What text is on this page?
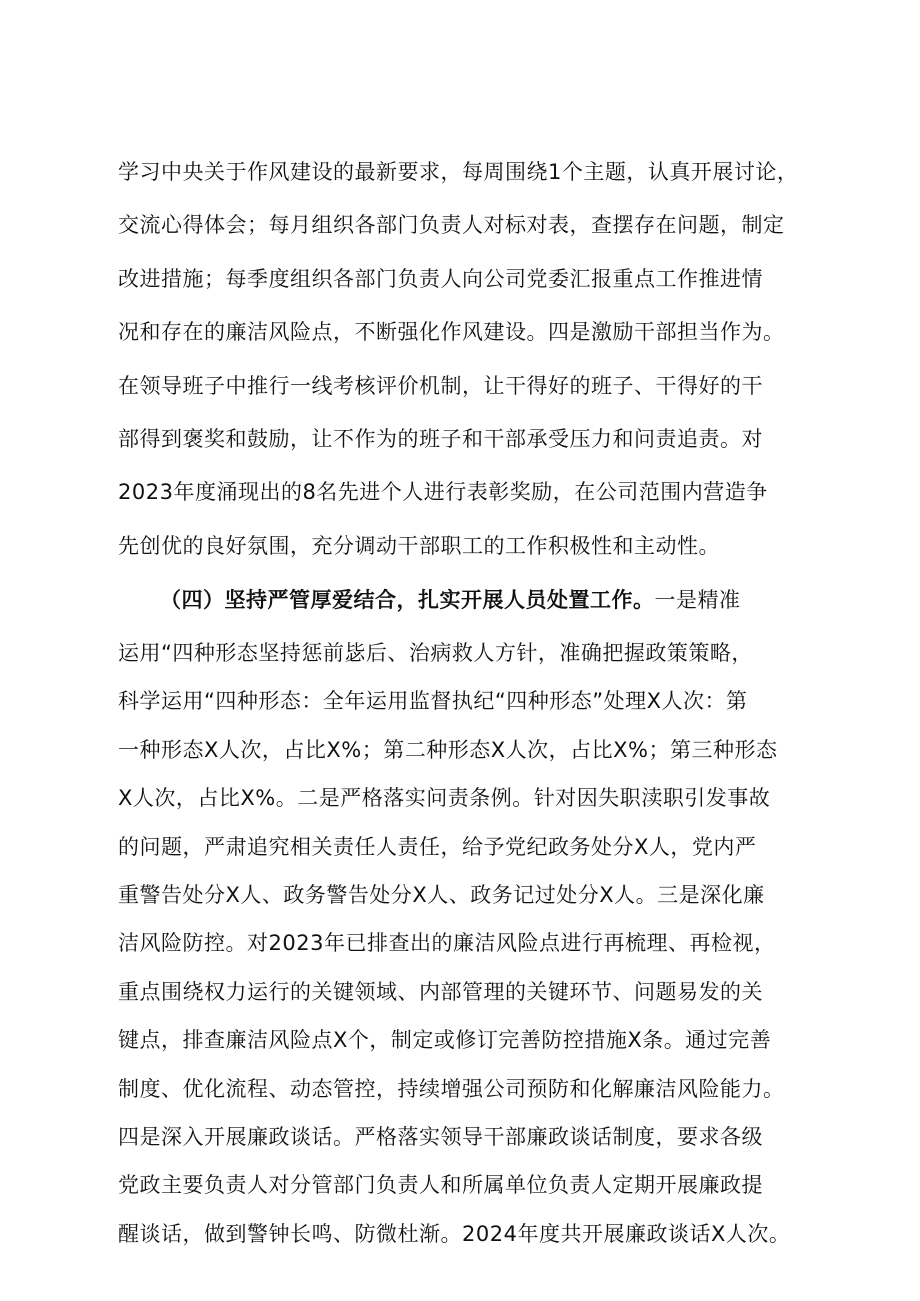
学习中央关于作风建设的最新要求，每周围绕1个主题，认真开展讨论，
交流心得体会；每月组织各部门负责人对标对表，查摆存在问题，制定
改进措施；每季度组织各部门负责人向公司党委汇报重点工作推进情
况和存在的廉洁风险点，不断强化作风建设。四是激励干部担当作为。
在领导班子中推行一线考核评价机制，让干得好的班子、干得好的干
部得到褒奖和鼓励，让不作为的班子和干部承受压力和问责追责。对
2023年度涌现出的8名先进个人进行表彰奖励，在公司范围内营造争
先创优的良好氛围，充分调动干部职工的工作积极性和主动性。
（四）坚持严管厚爱结合，扎实开展人员处置工作。一是精准
运用“四种形态坚持惩前毖后、治病救人方针，准确把握政策策略，
科学运用“四种形态：全年运用监督执纪“四种形态”处理X人次：第
一种形态X人次，占比X%；第二种形态X人次，占比X%；第三种形态
X人次，占比X%。二是严格落实问责条例。针对因失职渎职引发事故
的问题，严肃追究相关责任人责任，给予党纪政务处分X人，党内严
重警告处分X人、政务警告处分X人、政务记过处分X人。三是深化廉
洁风险防控。对2023年已排查出的廉洁风险点进行再梳理、再检视，
重点围绕权力运行的关键领域、内部管理的关键环节、问题易发的关
键点，排查廉洁风险点X个，制定或修订完善防控措施X条。通过完善
制度、优化流程、动态管控，持续增强公司预防和化解廉洁风险能力。
四是深入开展廉政谈话。严格落实领导干部廉政谈话制度，要求各级
党政主要负责人对分管部门负责人和所属单位负责人定期开展廉政提
醒谈话，做到警钟长鸣、防微杜渐。2024年度共开展廉政谈话X人次。
